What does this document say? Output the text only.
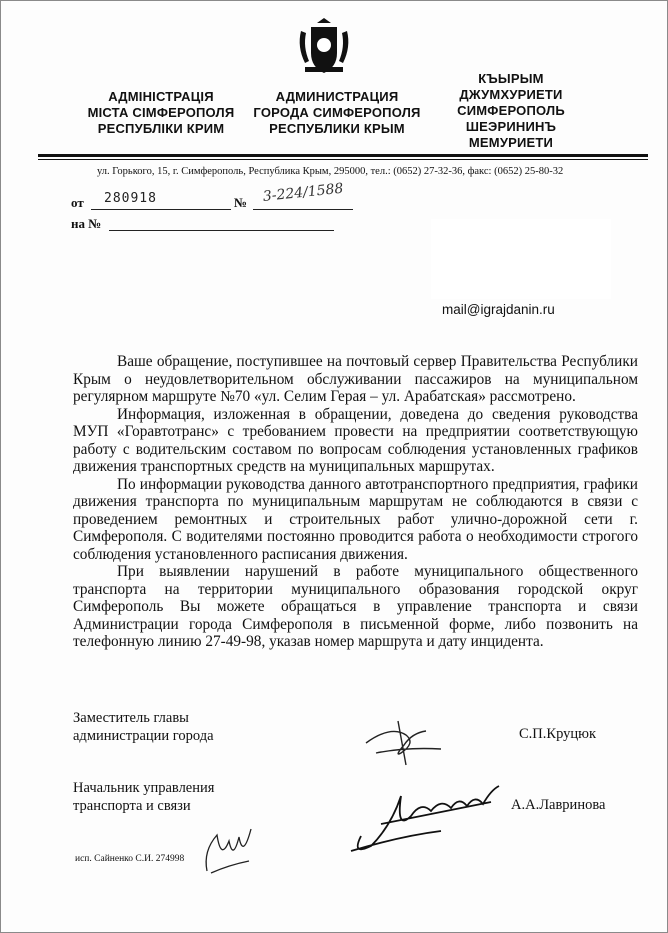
АДМІНІСТРАЦІЯ
МІСТА СІМФЕРОПОЛЯ
РЕСПУБЛІКИ КРИМ
АДМИНИСТРАЦИЯ
ГОРОДА СИМФЕРОПОЛЯ
РЕСПУБЛИКИ КРЫМ
КЪЫРЫМ
ДЖУМХУРИЕТИ
СИМФЕРОПОЛЬ
ШЕЭРИНИНЪ
МЕМУРИЕТИ
ул. Горького, 15, г. Симферополь, Республика Крым, 295000, тел.: (0652) 27-32-36, факс: (0652) 25-80-32
от 280918	№ 3-224/1588
на №
mail@igrajdanin.ru

Ваше обращение, поступившее на почтовый сервер Правительства Республики Крым о неудовлетворительном обслуживании пассажиров на муниципальном регулярном маршруте №70 «ул. Селим Герая – ул. Арабатская» рассмотрено.

Информация, изложенная в обращении, доведена до сведения руководства МУП «Горавтотранс» с требованием провести на предприятии соответствующую работу с водительским составом по вопросам соблюдения установленных графиков движения транспортных средств на муниципальных маршрутах.

По информации руководства данного автотранспортного предприятия, графики движения транспорта по муниципальным маршрутам не соблюдаются в связи с проведением ремонтных и строительных работ улично-дорожной сети г. Симферополя. С водителями постоянно проводится работа о необходимости строгого соблюдения установленного расписания движения.

При выявлении нарушений в работе муниципального общественного транспорта на территории муниципального образования городской округ Симферополь Вы можете обращаться в управление транспорта и связи Администрации города Симферополя в письменной форме, либо позвонить на телефонную линию 27-49-98, указав номер маршрута и дату инцидента.

Заместитель главы
администрации города	С.П.Круцюк
Начальник управления
транспорта и связи	А.А.Лавринова
исп. Сайненко С.И. 274998
